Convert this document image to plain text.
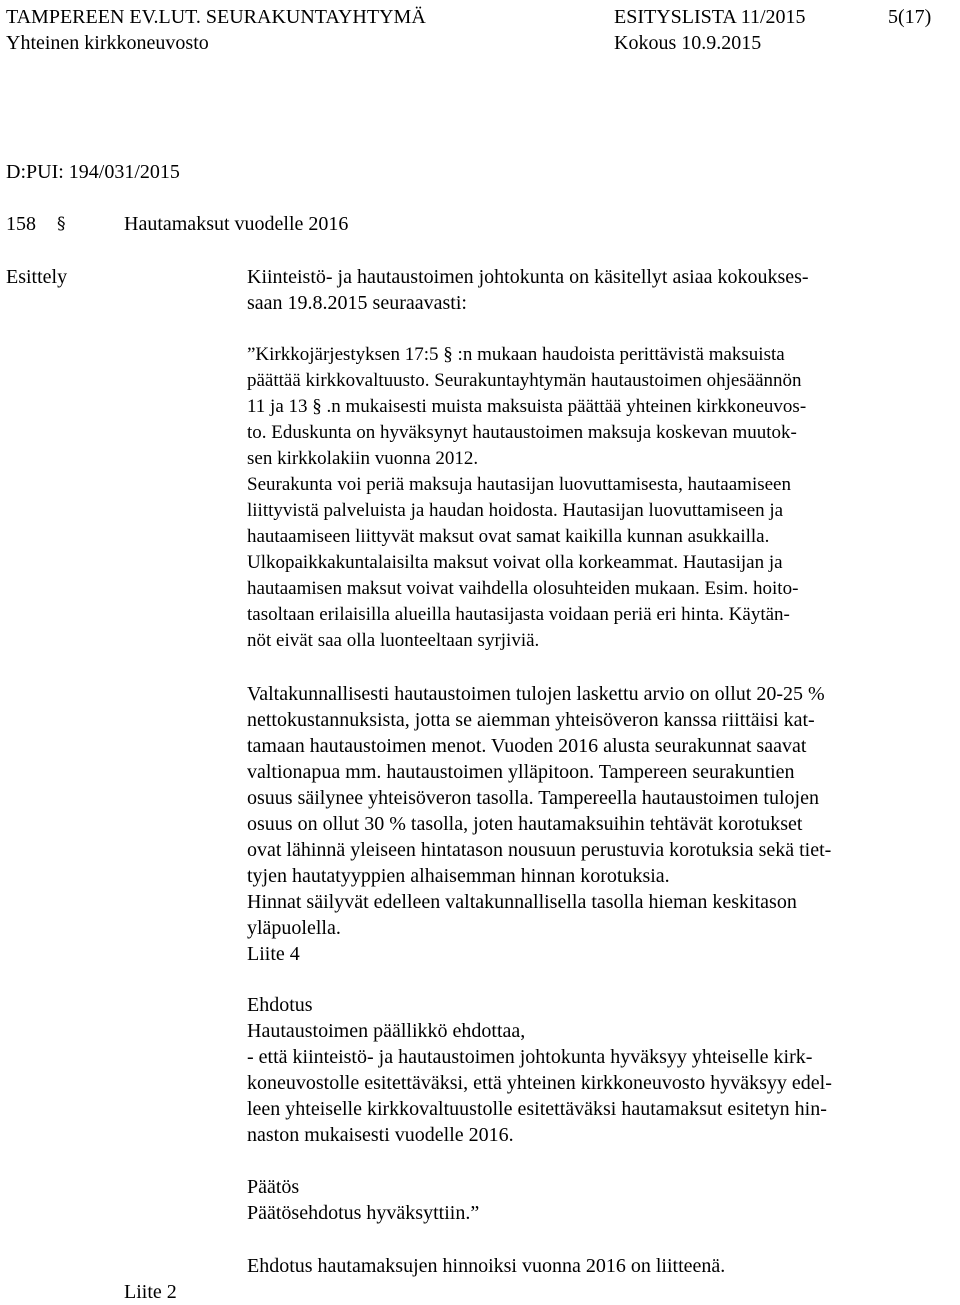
TAMPEREEN EV.LUT. SEURAKUNTAYHTYMÄ	ESITYSLISTA 11/2015	5(17)
Yhteinen kirkkoneuvosto	Kokous 10.9.2015
D:PUI: 194/031/2015
158 §	Hautamaksut vuodelle 2016
Esittely	Kiinteistö- ja hautaustoimen johtokunta on käsitellyt asiaa kokoukses-
saan 19.8.2015 seuraavasti:
”Kirkkojärjestyksen 17:5 § :n mukaan haudoista perittävistä maksuista
päättää kirkkovaltuusto. Seurakuntayhtymän hautaustoimen ohjesäännön
11 ja 13 § .n mukaisesti muista maksuista päättää yhteinen kirkkoneuvos-
to. Eduskunta on hyväksynyt hautaustoimen maksuja koskevan muutok-
sen kirkkolakiin vuonna 2012.
Seurakunta voi periä maksuja hautasijan luovuttamisesta, hautaamiseen
liittyvistä palveluista ja haudan hoidosta. Hautasijan luovuttamiseen ja
hautaamiseen liittyvät maksut ovat samat kaikilla kunnan asukkailla.
Ulkopaikkakuntalaisilta maksut voivat olla korkeammat. Hautasijan ja
hautaamisen maksut voivat vaihdella olosuhteiden mukaan. Esim. hoito-
tasoltaan erilaisilla alueilla hautasijasta voidaan periä eri hinta. Käytän-
nöt eivät saa olla luonteeltaan syrjiviä.
Valtakunnallisesti hautaustoimen tulojen laskettu arvio on ollut 20-25 %
nettokustannuksista, jotta se aiemman yhteisöveron kanssa riittäisi kat-
tamaan hautaustoimen menot. Vuoden 2016 alusta seurakunnat saavat
valtionapua mm. hautaustoimen ylläpitoon. Tampereen seurakuntien
osuus säilynee yhteisöveron tasolla. Tampereella hautaustoimen tulojen
osuus on ollut 30 % tasolla, joten hautamaksuihin tehtävät korotukset
ovat lähinnä yleiseen hintatason nousuun perustuvia korotuksia sekä tiet-
tyjen hautatyyppien alhaisemman hinnan korotuksia.
Hinnat säilyvät edelleen valtakunnallisella tasolla hieman keskitason
yläpuolella.
Liite 4
Ehdotus
Hautaustoimen päällikkö ehdottaa,
- että kiinteistö- ja hautaustoimen johtokunta hyväksyy yhteiselle kirk-
koneuvostolle esitettäväksi, että yhteinen kirkkoneuvosto hyväksyy edel-
leen yhteiselle kirkkovaltuustolle esitettäväksi hautamaksut esitetyn hin-
naston mukaisesti vuodelle 2016.
Päätös
Päätösehdotus hyväksyttiin.”
Ehdotus hautamaksujen hinnoiksi vuonna 2016 on liitteenä.
Liite 2
